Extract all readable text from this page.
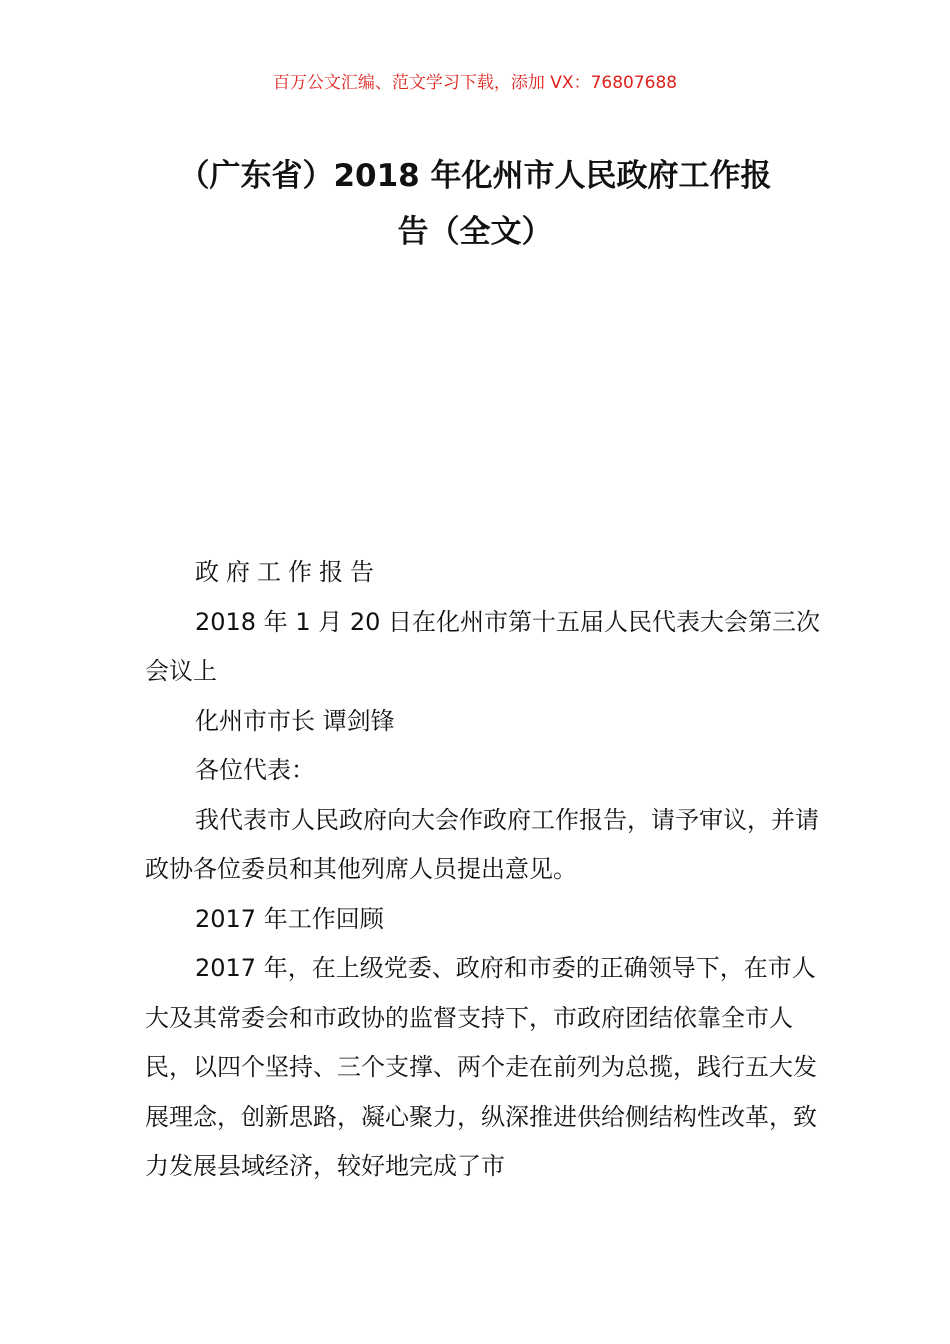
百万公文汇编、范文学习下载，添加 VX：76807688
（广东省）2018 年化州市人民政府工作报
告（全文）

政府工作报告

2018 年 1 月 20 日在化州市第十五届人民代表大会第三次会议上

化州市市长 谭剑锋

各位代表：

我代表市人民政府向大会作政府工作报告，请予审议，并请政协各位委员和其他列席人员提出意见。

2017 年工作回顾

2017 年，在上级党委、政府和市委的正确领导下，在市人大及其常委会和市政协的监督支持下，市政府团结依靠全市人民，以四个坚持、三个支撑、两个走在前列为总揽，践行五大发展理念，创新思路，凝心聚力，纵深推进供给侧结构性改革，致力发展县域经济，较好地完成了市
